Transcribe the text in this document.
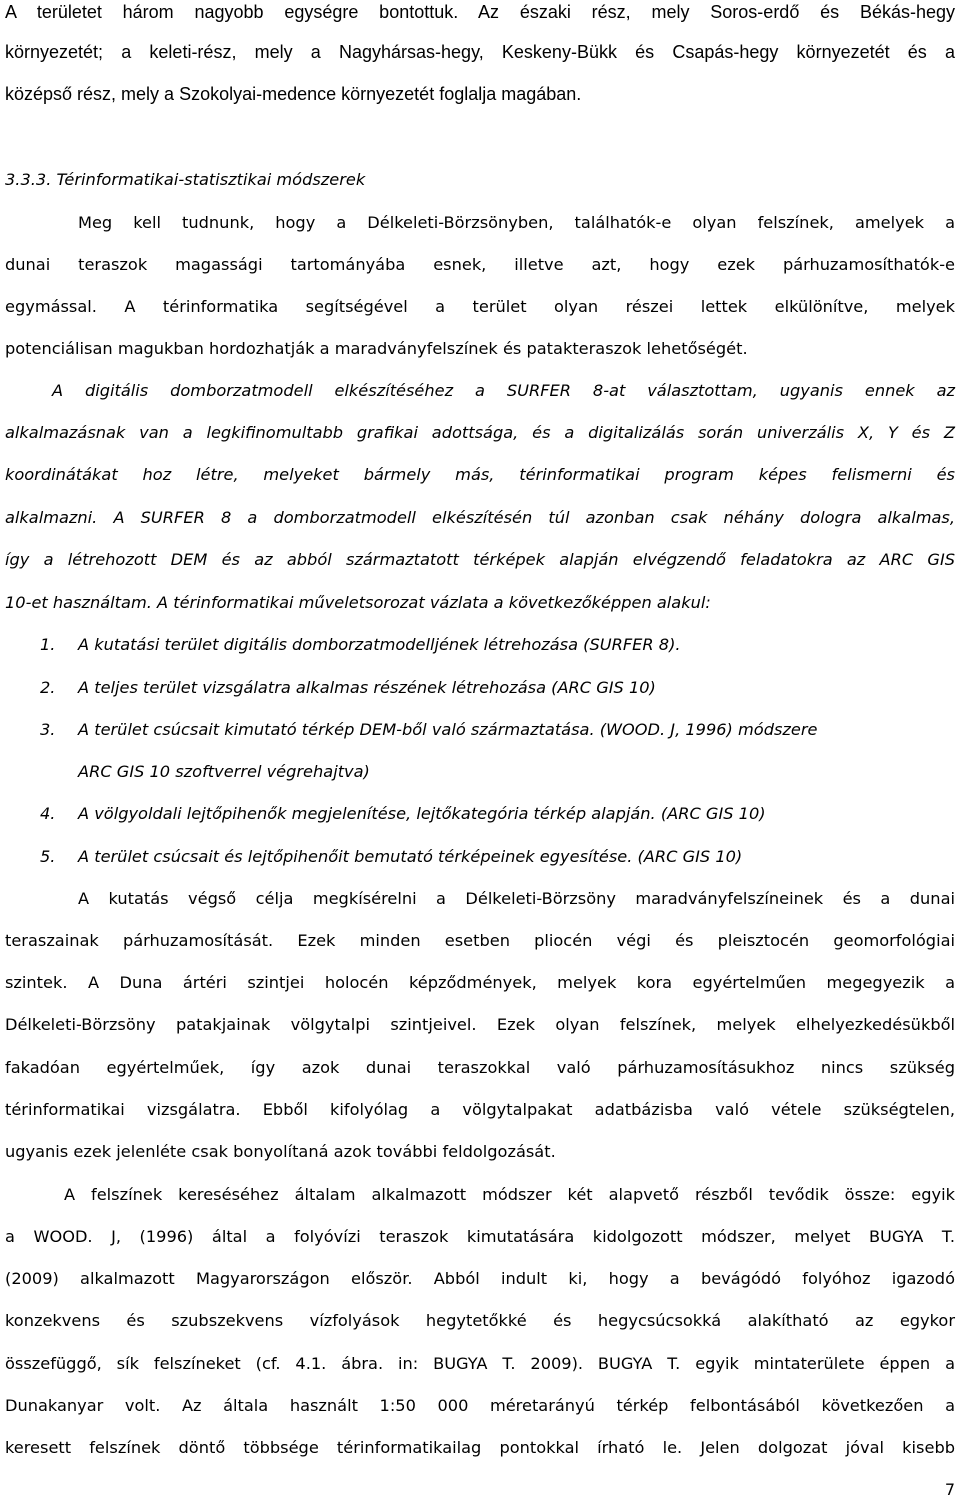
A területet három nagyobb egységre bontottuk. Az északi rész, mely Soros-erdő és Békás-hegy
környezetét; a keleti-rész, mely a Nagyhársas-hegy, Keskeny-Bükk és Csapás-hegy környezetét és a
középső rész, mely a Szokolyai-medence környezetét foglalja magában.
3.3.3. Térinformatikai-statisztikai módszerek
Meg kell tudnunk, hogy a Délkeleti-Börzsönyben, találhatók-e olyan felszínek, amelyek a
dunai teraszok magassági tartományába esnek, illetve azt, hogy ezek párhuzamosíthatók-e
egymással. A térinformatika segítségével a terület olyan részei lettek elkülönítve, melyek
potenciálisan magukban hordozhatják a maradványfelszínek és patakteraszok lehetőségét.
A digitális domborzatmodell elkészítéséhez a SURFER 8-at választottam, ugyanis ennek az
alkalmazásnak van a legkifinomultabb grafikai adottsága, és a digitalizálás során univerzális X, Y és Z
koordinátákat hoz létre, melyeket bármely más, térinformatikai program képes felismerni és
alkalmazni. A SURFER 8 a domborzatmodell elkészítésén túl azonban csak néhány dologra alkalmas,
így a létrehozott DEM és az abból származtatott térképek alapján elvégzendő feladatokra az ARC GIS
10-et használtam. A térinformatikai műveletsorozat vázlata a következőképpen alakul:
1. A kutatási terület digitális domborzatmodelljének létrehozása (SURFER 8).
2. A teljes terület vizsgálatra alkalmas részének létrehozása (ARC GIS 10)
3. A terület csúcsait kimutató térkép DEM-ből való származtatása. (WOOD. J, 1996) módszere
ARC GIS 10 szoftverrel végrehajtva)
4. A völgyoldali lejtőpihenők megjelenítése, lejtőkategória térkép alapján. (ARC GIS 10)
5. A terület csúcsait és lejtőpihenőit bemutató térképeinek egyesítése. (ARC GIS 10)
A kutatás végső célja megkísérelni a Délkeleti-Börzsöny maradványfelszíneinek és a dunai
teraszainak párhuzamosítását. Ezek minden esetben pliocén végi és pleisztocén geomorfológiai
szintek. A Duna ártéri szintjei holocén képződmények, melyek kora egyértelműen megegyezik a
Délkeleti-Börzsöny patakjainak völgytalpi szintjeivel. Ezek olyan felszínek, melyek elhelyezkedésükből
fakadóan egyértelműek, így azok dunai teraszokkal való párhuzamosításukhoz nincs szükség
térinformatikai vizsgálatra. Ebből kifolyólag a völgytalpakat adatbázisba való vétele szükségtelen,
ugyanis ezek jelenléte csak bonyolítaná azok további feldolgozását.
A felszínek kereséséhez általam alkalmazott módszer két alapvető részből tevődik össze: egyik
a WOOD. J, (1996) által a folyóvízi teraszok kimutatására kidolgozott módszer, melyet BUGYA T.
(2009) alkalmazott Magyarországon először. Abból indult ki, hogy a bevágódó folyóhoz igazodó
konzekvens és szubszekvens vízfolyások hegytetőkké és hegycsúcsokká alakítható az egykor
összefüggő, sík felszíneket (cf. 4.1. ábra. in: BUGYA T. 2009). BUGYA T. egyik mintaterülete éppen a
Dunakanyar volt. Az általa használt 1:50 000 méretarányú térkép felbontásából következően a
keresett felszínek döntő többsége térinformatikailag pontokkal írható le. Jelen dolgozat jóval kisebb
7
